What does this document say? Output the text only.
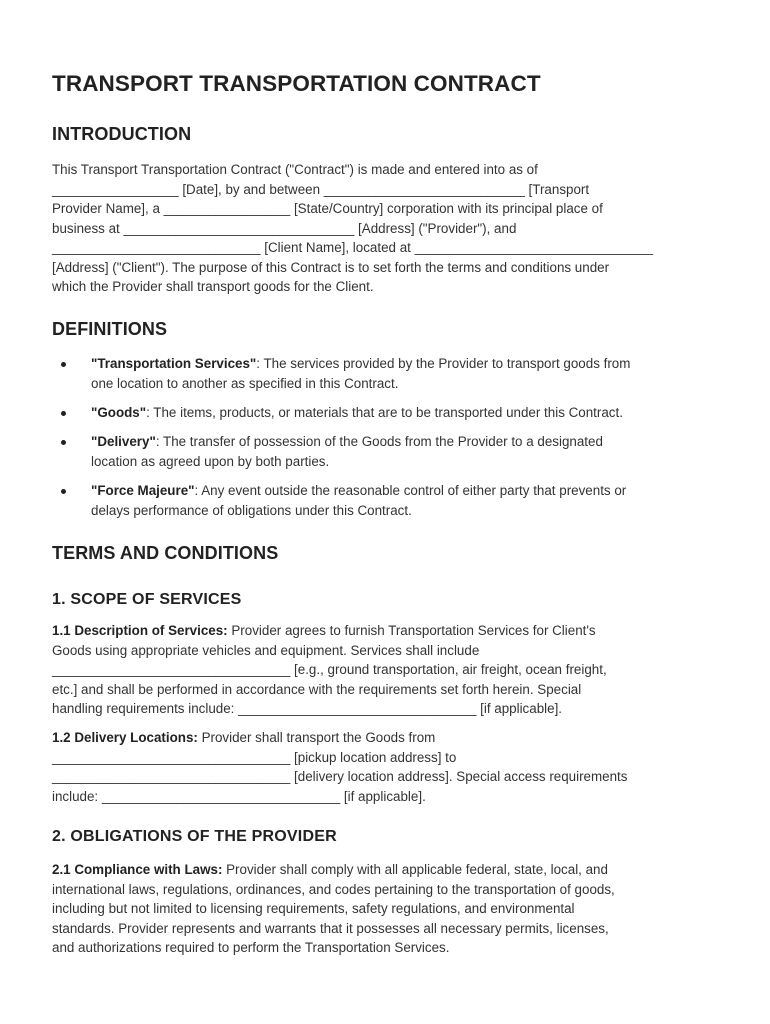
TRANSPORT TRANSPORTATION CONTRACT
INTRODUCTION

This Transport Transportation Contract ("Contract") is made and entered into as of
_________________ [Date], by and between ___________________________ [Transport
Provider Name], a _________________ [State/Country] corporation with its principal place of
business at _______________________________ [Address] ("Provider"), and
____________________________ [Client Name], located at ________________________________
[Address] ("Client"). The purpose of this Contract is to set forth the terms and conditions under
which the Provider shall transport goods for the Client.

DEFINITIONS

"Transportation Services": The services provided by the Provider to transport goods from
one location to another as specified in this Contract.

"Goods": The items, products, or materials that are to be transported under this Contract.

"Delivery": The transfer of possession of the Goods from the Provider to a designated
location as agreed upon by both parties.

"Force Majeure": Any event outside the reasonable control of either party that prevents or
delays performance of obligations under this Contract.

TERMS AND CONDITIONS
1. SCOPE OF SERVICES

1.1 Description of Services: Provider agrees to furnish Transportation Services for Client's
Goods using appropriate vehicles and equipment. Services shall include
________________________________ [e.g., ground transportation, air freight, ocean freight,
etc.] and shall be performed in accordance with the requirements set forth herein. Special
handling requirements include: ________________________________ [if applicable].

1.2 Delivery Locations: Provider shall transport the Goods from
________________________________ [pickup location address] to
________________________________ [delivery location address]. Special access requirements
include: ________________________________ [if applicable].

2. OBLIGATIONS OF THE PROVIDER

2.1 Compliance with Laws: Provider shall comply with all applicable federal, state, local, and
international laws, regulations, ordinances, and codes pertaining to the transportation of goods,
including but not limited to licensing requirements, safety regulations, and environmental
standards. Provider represents and warrants that it possesses all necessary permits, licenses,
and authorizations required to perform the Transportation Services.
